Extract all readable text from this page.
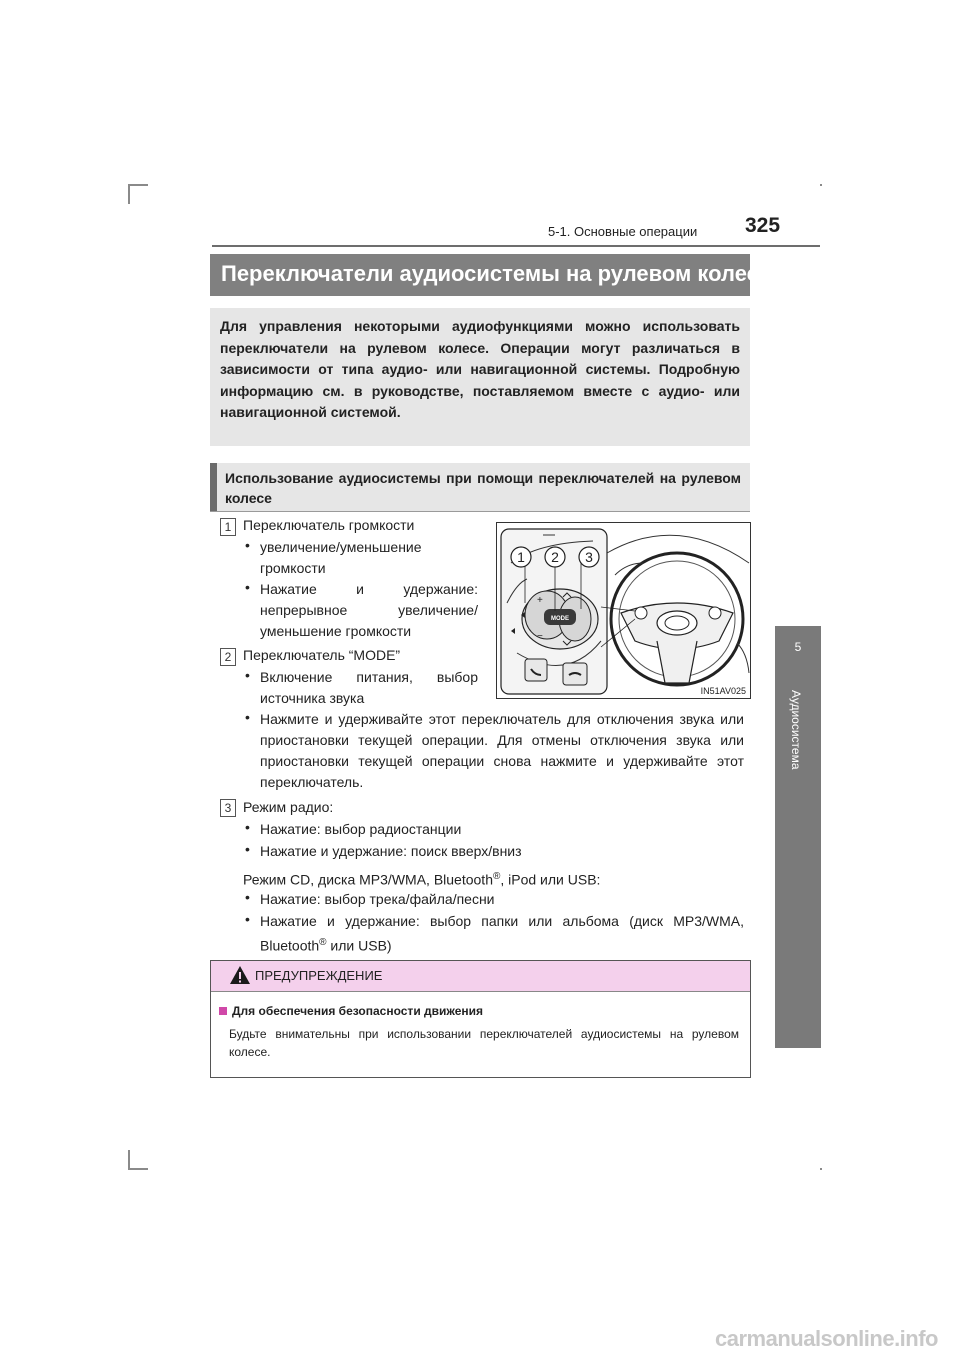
5-1. Основные операции 325
5
Аудиосистема
Переключатели аудиосистемы на рулевом колесе
Для управления некоторыми аудиофункциями можно использовать переключатели на рулевом колесе. Операции могут различаться в зависимости от типа аудио- или навигационной системы. Подробную информацию см. в руководстве, поставляемом вместе с аудио- или навигационной системой.
Использование аудиосистемы при помощи переключателей на рулевом колесе
1 Переключатель громкости
• увеличение/уменьшение громкости
• Нажатие и удержание: непрерывное увеличение/ уменьшение громкости
2 Переключатель “MODE”
• Включение питания, выбор источника звука
• Нажмите и удерживайте этот переключатель для отключения звука или приостановки текущей операции. Для отмены отключения звука или приостановки текущей операции снова нажмите и удерживайте этот переключатель.
3 Режим радио:
• Нажатие: выбор радиостанции
• Нажатие и удержание: поиск вверх/вниз
Режим CD, диска MP3/WMA, Bluetooth®, iPod или USB:
• Нажатие: выбор трека/файла/песни
• Нажатие и удержание: выбор папки или альбома (диск MP3/WMA, Bluetooth® или USB)
MODE
+
−
1 2 3
IN51AV025
ПРЕДУПРЕЖДЕНИЕ
Для обеспечения безопасности движения
Будьте внимательны при использовании переключателей аудиосистемы на рулевом колесе.
carmanualsonline.info
